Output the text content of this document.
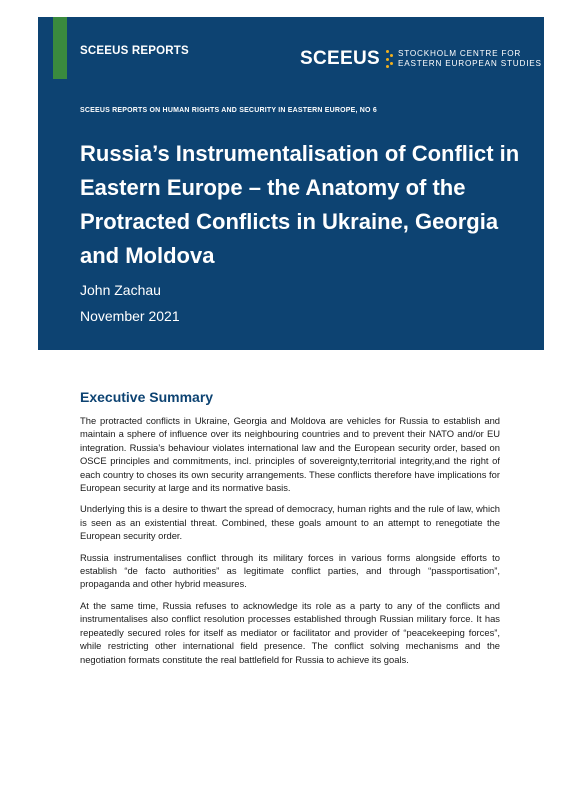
SCEEUS REPORTS	SCEEUS STOCKHOLM CENTRE FOR
EASTERN EUROPEAN STUDIES
SCEEUS REPORTS ON HUMAN RIGHTS AND SECURITY IN EASTERN EUROPE, NO 6
Russia’s Instrumentalisation of Conflict in Eastern Europe – the Anatomy of the Protracted Conflicts in Ukraine, Georgia and Moldova
John Zachau
November 2021
Executive Summary

The protracted conflicts in Ukraine, Georgia and Moldova are vehicles for Russia to establish and maintain a sphere of influence over its neighbouring countries and to prevent their NATO and/or EU integration. Russia’s behaviour violates international law and the European security order, based on OSCE principles and commitments, incl. principles of sovereignty,territorial integrity,and the right of each country to choses its own security arrangements. These conflicts therefore have implications for European security at large and its normative basis.

Underlying this is a desire to thwart the spread of democracy, human rights and the rule of law, which is seen as an existential threat. Combined, these goals amount to an attempt to renegotiate the European security order.

Russia instrumentalises conflict through its military forces in various forms alongside efforts to establish “de facto authorities” as legitimate conflict parties, and through “passportisation”, propaganda and other hybrid measures.

At the same time, Russia refuses to acknowledge its role as a party to any of the conflicts and instrumentalises also conflict resolution processes established through Russian military force. It has repeatedly secured roles for itself as mediator or facilitator and provider of “peacekeeping forces”, while restricting other international field presence. The conflict solving mechanisms and the negotiation formats constitute the real battlefield for Russia to achieve its goals.
